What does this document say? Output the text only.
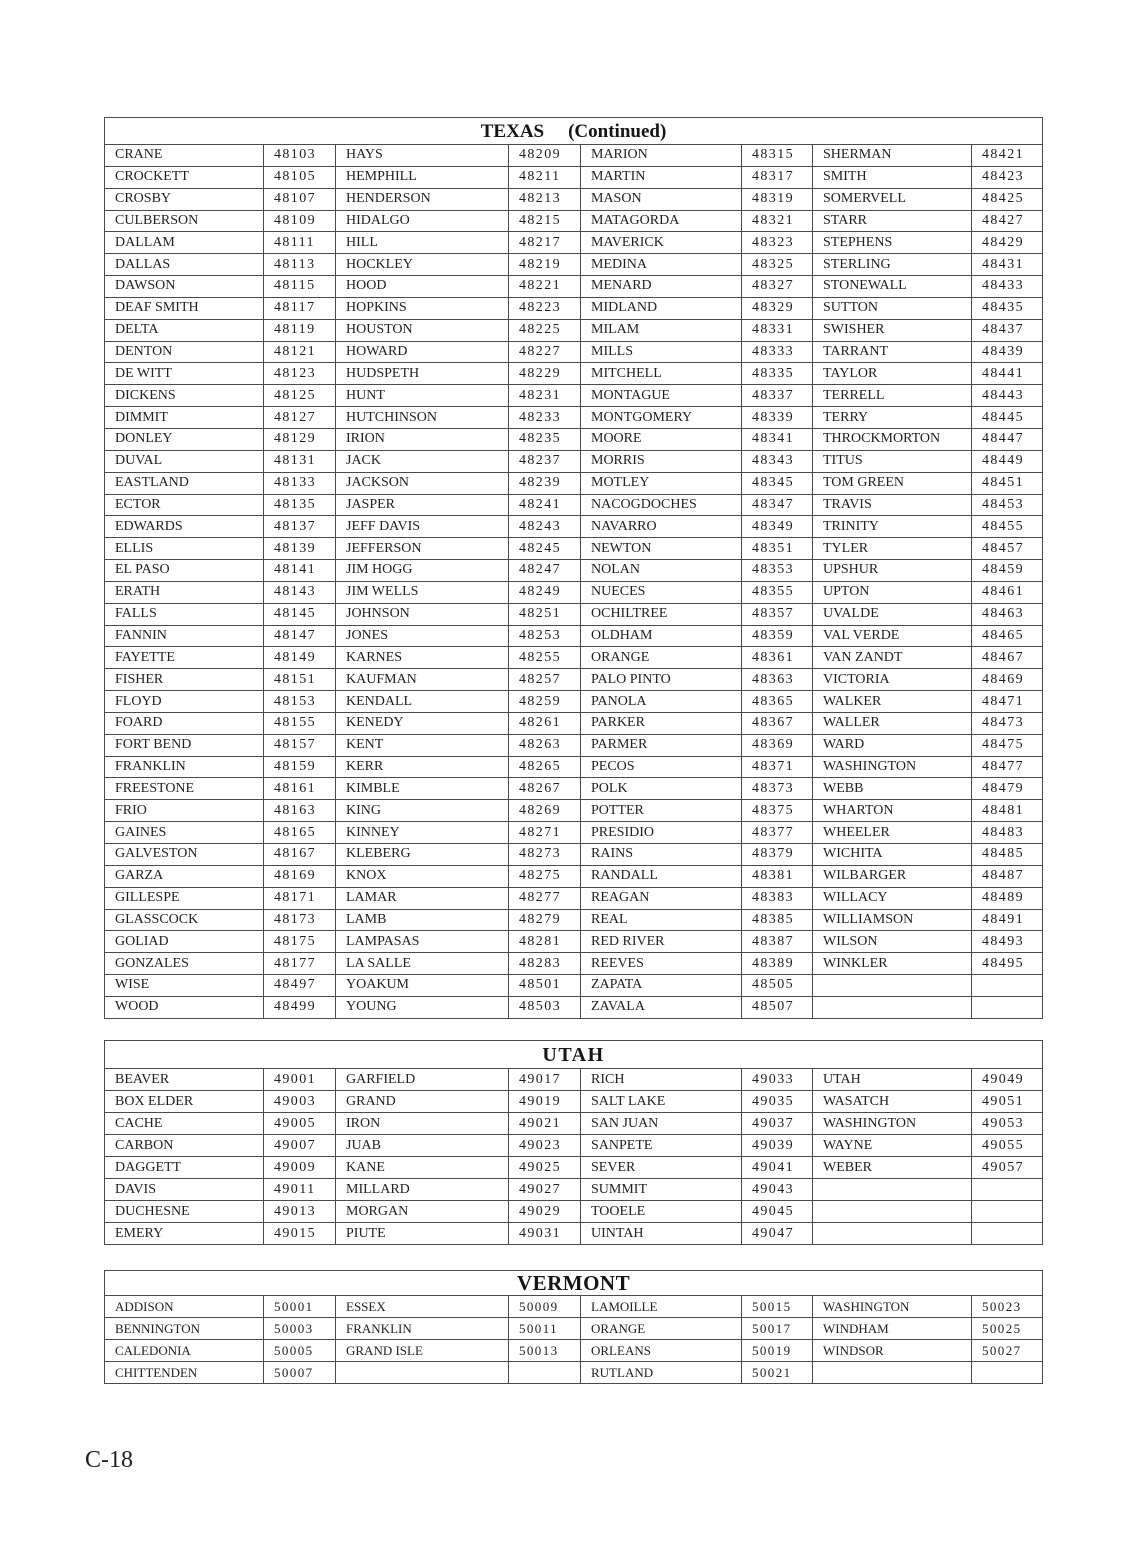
TEXAS (Continued)							
CRANE	48103	HAYS	48209	MARION	48315	SHERMAN	48421
CROCKETT	48105	HEMPHILL	48211	MARTIN	48317	SMITH	48423
CROSBY	48107	HENDERSON	48213	MASON	48319	SOMERVELL	48425
CULBERSON	48109	HIDALGO	48215	MATAGORDA	48321	STARR	48427
DALLAM	48111	HILL	48217	MAVERICK	48323	STEPHENS	48429
DALLAS	48113	HOCKLEY	48219	MEDINA	48325	STERLING	48431
DAWSON	48115	HOOD	48221	MENARD	48327	STONEWALL	48433
DEAF SMITH	48117	HOPKINS	48223	MIDLAND	48329	SUTTON	48435
DELTA	48119	HOUSTON	48225	MILAM	48331	SWISHER	48437
DENTON	48121	HOWARD	48227	MILLS	48333	TARRANT	48439
DE WITT	48123	HUDSPETH	48229	MITCHELL	48335	TAYLOR	48441
DICKENS	48125	HUNT	48231	MONTAGUE	48337	TERRELL	48443
DIMMIT	48127	HUTCHINSON	48233	MONTGOMERY	48339	TERRY	48445
DONLEY	48129	IRION	48235	MOORE	48341	THROCKMORTON	48447
DUVAL	48131	JACK	48237	MORRIS	48343	TITUS	48449
EASTLAND	48133	JACKSON	48239	MOTLEY	48345	TOM GREEN	48451
ECTOR	48135	JASPER	48241	NACOGDOCHES	48347	TRAVIS	48453
EDWARDS	48137	JEFF DAVIS	48243	NAVARRO	48349	TRINITY	48455
ELLIS	48139	JEFFERSON	48245	NEWTON	48351	TYLER	48457
EL PASO	48141	JIM HOGG	48247	NOLAN	48353	UPSHUR	48459
ERATH	48143	JIM WELLS	48249	NUECES	48355	UPTON	48461
FALLS	48145	JOHNSON	48251	OCHILTREE	48357	UVALDE	48463
FANNIN	48147	JONES	48253	OLDHAM	48359	VAL VERDE	48465
FAYETTE	48149	KARNES	48255	ORANGE	48361	VAN ZANDT	48467
FISHER	48151	KAUFMAN	48257	PALO PINTO	48363	VICTORIA	48469
FLOYD	48153	KENDALL	48259	PANOLA	48365	WALKER	48471
FOARD	48155	KENEDY	48261	PARKER	48367	WALLER	48473
FORT BEND	48157	KENT	48263	PARMER	48369	WARD	48475
FRANKLIN	48159	KERR	48265	PECOS	48371	WASHINGTON	48477
FREESTONE	48161	KIMBLE	48267	POLK	48373	WEBB	48479
FRIO	48163	KING	48269	POTTER	48375	WHARTON	48481
GAINES	48165	KINNEY	48271	PRESIDIO	48377	WHEELER	48483
GALVESTON	48167	KLEBERG	48273	RAINS	48379	WICHITA	48485
GARZA	48169	KNOX	48275	RANDALL	48381	WILBARGER	48487
GILLESPE	48171	LAMAR	48277	REAGAN	48383	WILLACY	48489
GLASSCOCK	48173	LAMB	48279	REAL	48385	WILLIAMSON	48491
GOLIAD	48175	LAMPASAS	48281	RED RIVER	48387	WILSON	48493
GONZALES	48177	LA SALLE	48283	REEVES	48389	WINKLER	48495
WISE	48497	YOAKUM	48501	ZAPATA	48505		
WOOD	48499	YOUNG	48503	ZAVALA	48507		
UTAH							
BEAVER	49001	GARFIELD	49017	RICH	49033	UTAH	49049
BOX ELDER	49003	GRAND	49019	SALT LAKE	49035	WASATCH	49051
CACHE	49005	IRON	49021	SAN JUAN	49037	WASHINGTON	49053
CARBON	49007	JUAB	49023	SANPETE	49039	WAYNE	49055
DAGGETT	49009	KANE	49025	SEVER	49041	WEBER	49057
DAVIS	49011	MILLARD	49027	SUMMIT	49043		
DUCHESNE	49013	MORGAN	49029	TOOELE	49045		
EMERY	49015	PIUTE	49031	UINTAH	49047		
VERMONT							
ADDISON	50001	ESSEX	50009	LAMOILLE	50015	WASHINGTON	50023
BENNINGTON	50003	FRANKLIN	50011	ORANGE	50017	WINDHAM	50025
CALEDONIA	50005	GRAND ISLE	50013	ORLEANS	50019	WINDSOR	50027
CHITTENDEN	50007			RUTLAND	50021		
C-18
